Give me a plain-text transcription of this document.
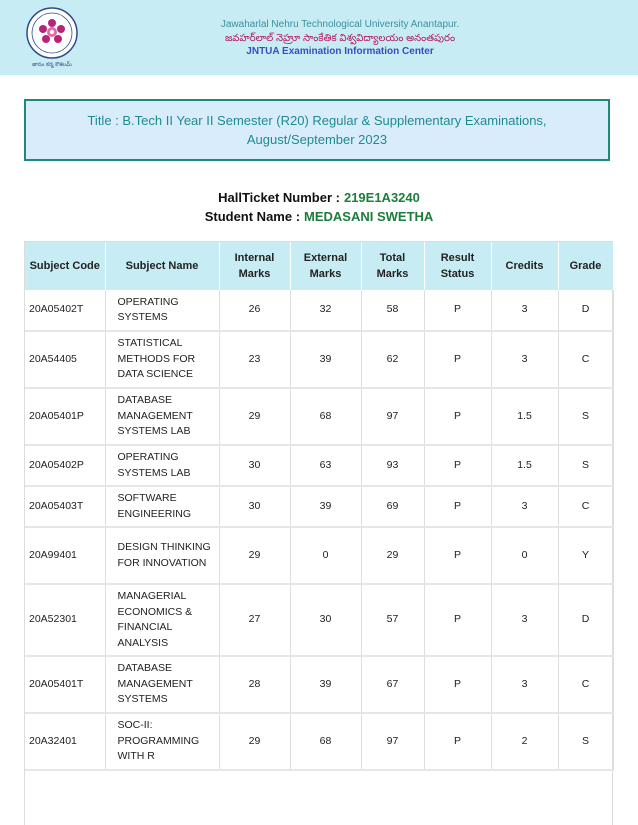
ఙానం కర్మ కౌశలమ్
Jawaharlal Nehru Technological University Anantapur.
జవహర్‌లాల్ నెహ్రూ సాంకేతిక విశ్వవిద్యాలయం అనంతపురం
JNTUA Examination Information Center
Title : B.Tech II Year II Semester (R20) Regular & Supplementary Examinations, August/September 2023
HallTicket Number : 219E1A3240
Student Name : MEDASANI SWETHA
Subject Code	Subject Name	Internal Marks	External Marks	Total Marks	Result Status	Credits	Grade
20A05402T	OPERATING SYSTEMS	26	32	58	P	3	D
20A54405	STATISTICAL METHODS FOR DATA SCIENCE	23	39	62	P	3	C
20A05401P	DATABASE MANAGEMENT SYSTEMS LAB	29	68	97	P	1.5	S
20A05402P	OPERATING SYSTEMS LAB	30	63	93	P	1.5	S
20A05403T	SOFTWARE ENGINEERING	30	39	69	P	3	C
20A99401	DESIGN THINKING FOR INNOVATION	29	0	29	P	0	Y
20A52301	MANAGERIAL ECONOMICS & FINANCIAL ANALYSIS	27	30	57	P	3	D
20A05401T	DATABASE MANAGEMENT SYSTEMS	28	39	67	P	3	C
20A32401	SOC-II: PROGRAMMING WITH R	29	68	97	P	2	S
